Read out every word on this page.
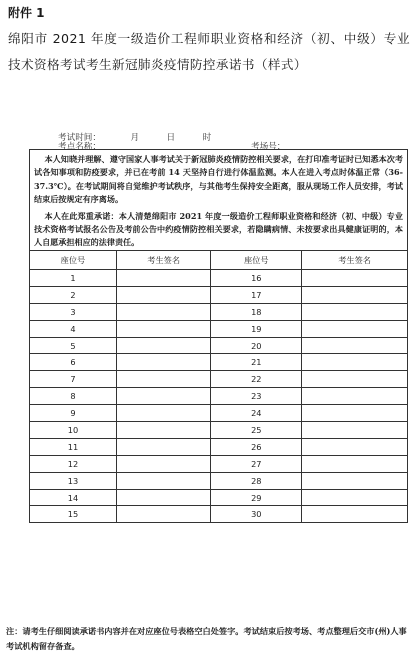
附件 1
绵阳市 2021 年度一级造价工程师职业资格和经济（初、中级）专业技术资格考试考生新冠肺炎疫情防控承诺书（样式）
考试时间：	月	日	时
考点名称：	考场号：

本人知晓并理解、遵守国家人事考试关于新冠肺炎疫情防控相关要求，在打印准考证时已知悉本次考试各知事项和防疫要求，并已在考前 14 天坚持自行进行体温监测。本人在进入考点时体温正常（36-37.3℃）。在考试期间将自觉维护考试秩序，与其他考生保持安全距离，服从现场工作人员安排，考试结束后按规定有序离场。

本人在此郑重承诺：本人清楚绵阳市 2021 年度一级造价工程师职业资格和经济（初、中级）专业技术资格考试报名公告及考前公告中约疫情防控相关要求，若隐瞒病情、未按要求出具健康证明的，本人自愿承担相应的法律责任。

座位号	考生签名	座位号	考生签名
1		16	
2		17	
3		18	
4		19	
5		20	
6		21	
7		22	
8		23	
9		24	
10		25	
11		26	
12		27	
13		28	
14		29	
15		30	
注：请考生仔细阅读承诺书内容并在对应座位号表格空白处签字。考试结束后按考场、考点整理后交市(州)人事考试机构留存备查。
